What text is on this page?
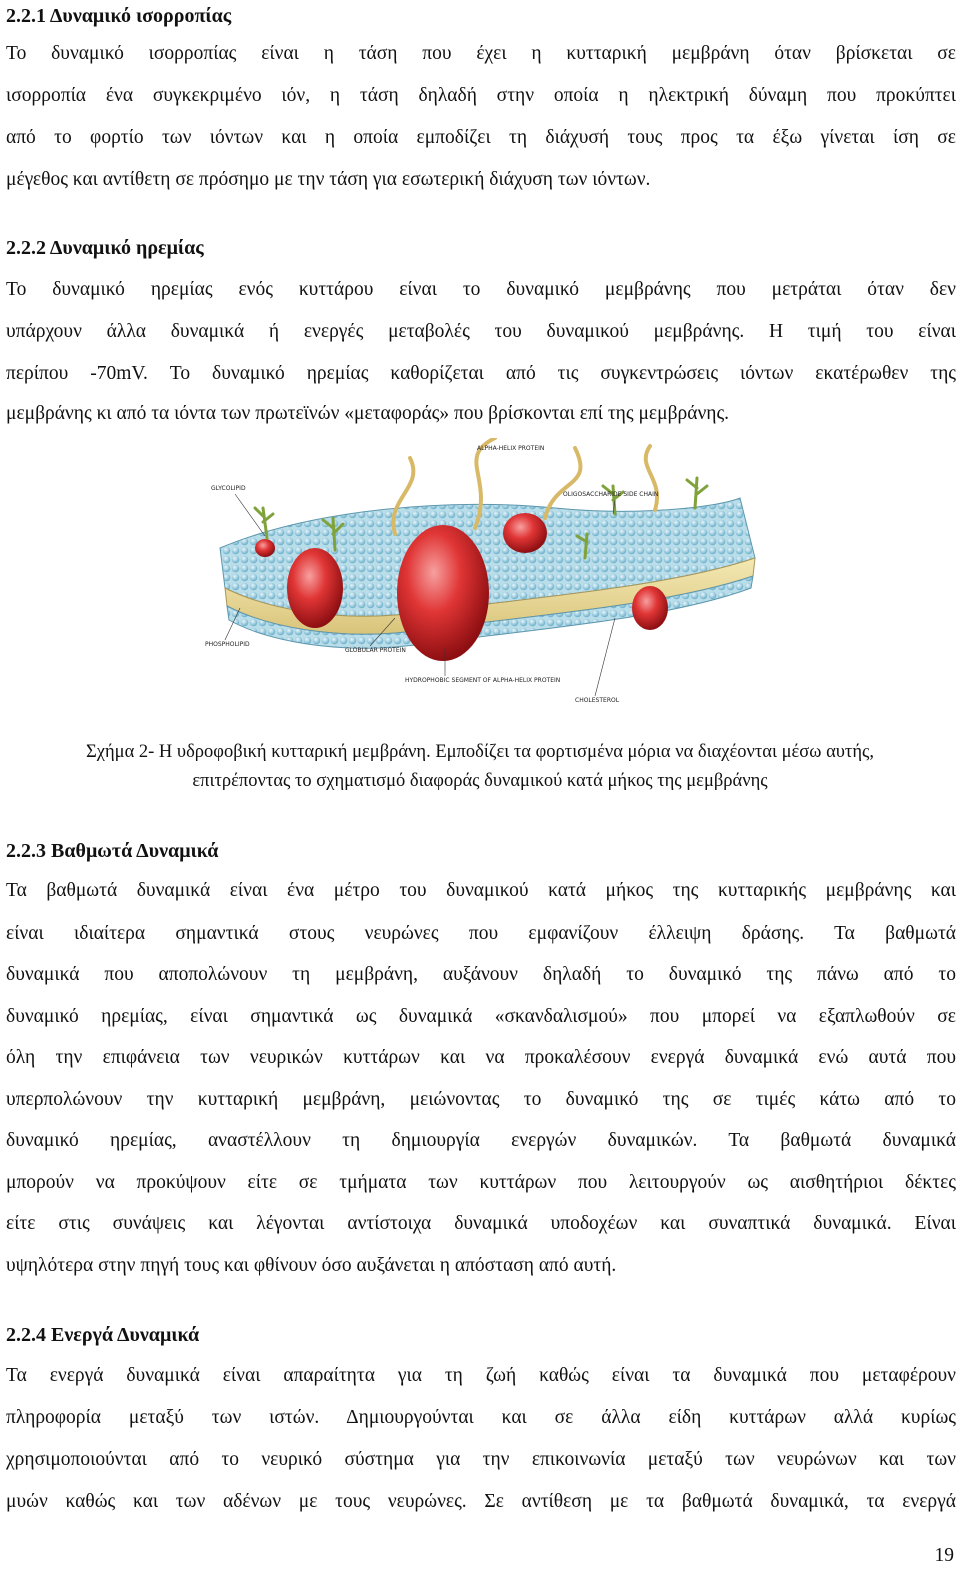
2.2.1 Δυναμικό ισορροπίας
Το δυναμικό ισορροπίας είναι η τάση που έχει η κυτταρική μεμβράνη όταν βρίσκεται σε
ισορροπία ένα συγκεκριμένο ιόν, η τάση δηλαδή στην οποία η ηλεκτρική δύναμη που προκύπτει
από το φορτίο των ιόντων και η οποία εμποδίζει τη διάχυσή τους προς τα έξω γίνεται ίση σε
μέγεθος και αντίθετη σε πρόσημο με την τάση για εσωτερική διάχυση των ιόντων.
2.2.2 Δυναμικό ηρεμίας
Το δυναμικό ηρεμίας ενός κυττάρου είναι το δυναμικό μεμβράνης που μετράται όταν δεν
υπάρχουν άλλα δυναμικά ή ενεργές μεταβολές του δυναμικού μεμβράνης. Η τιμή του είναι
περίπου -70mV. Το δυναμικό ηρεμίας καθορίζεται από τις συγκεντρώσεις ιόντων εκατέρωθεν της
μεμβράνης κι από τα ιόντα των πρωτεϊνών «μεταφοράς» που βρίσκονται επί της μεμβράνης.
ALPHA-HELIX PROTEIN
GLYCOLIPID
OLIGOSACCHARIDE SIDE CHAIN
PHOSPHOLIPID
GLOBULAR PROTEIN
HYDROPHOBIC SEGMENT OF ALPHA-HELIX PROTEIN
CHOLESTEROL
Σχήμα 2- Η υδροφοβική κυτταρική μεμβράνη. Εμποδίζει τα φορτισμένα μόρια να διαχέονται μέσω αυτής,
επιτρέποντας το σχηματισμό διαφοράς δυναμικού κατά μήκος της μεμβράνης
2.2.3 Βαθμωτά Δυναμικά
Τα βαθμωτά δυναμικά είναι ένα μέτρο του δυναμικού κατά μήκος της κυτταρικής μεμβράνης και
είναι ιδιαίτερα σημαντικά στους νευρώνες που εμφανίζουν έλλειψη δράσης. Τα βαθμωτά
δυναμικά που αποπολώνουν τη μεμβράνη, αυξάνουν δηλαδή το δυναμικό της πάνω από το
δυναμικό ηρεμίας, είναι σημαντικά ως δυναμικά «σκανδαλισμού» που μπορεί να εξαπλωθούν σε
όλη την επιφάνεια των νευρικών κυττάρων και να προκαλέσουν ενεργά δυναμικά ενώ αυτά που
υπερπολώνουν την κυτταρική μεμβράνη, μειώνοντας το δυναμικό της σε τιμές κάτω από το
δυναμικό ηρεμίας, αναστέλλουν τη δημιουργία ενεργών δυναμικών. Τα βαθμωτά δυναμικά
μπορούν να προκύψουν είτε σε τμήματα των κυττάρων που λειτουργούν ως αισθητήριοι δέκτες
είτε στις συνάψεις και λέγονται αντίστοιχα δυναμικά υποδοχέων και συναπτικά δυναμικά. Είναι
υψηλότερα στην πηγή τους και φθίνουν όσο αυξάνεται η απόσταση από αυτή.
2.2.4 Ενεργά Δυναμικά
Τα ενεργά δυναμικά είναι απαραίτητα για τη ζωή καθώς είναι τα δυναμικά που μεταφέρουν
πληροφορία μεταξύ των ιστών. Δημιουργούνται και σε άλλα είδη κυττάρων αλλά κυρίως
χρησιμοποιούνται από το νευρικό σύστημα για την επικοινωνία μεταξύ των νευρώνων και των
μυών καθώς και των αδένων με τους νευρώνες. Σε αντίθεση με τα βαθμωτά δυναμικά, τα ενεργά
19
